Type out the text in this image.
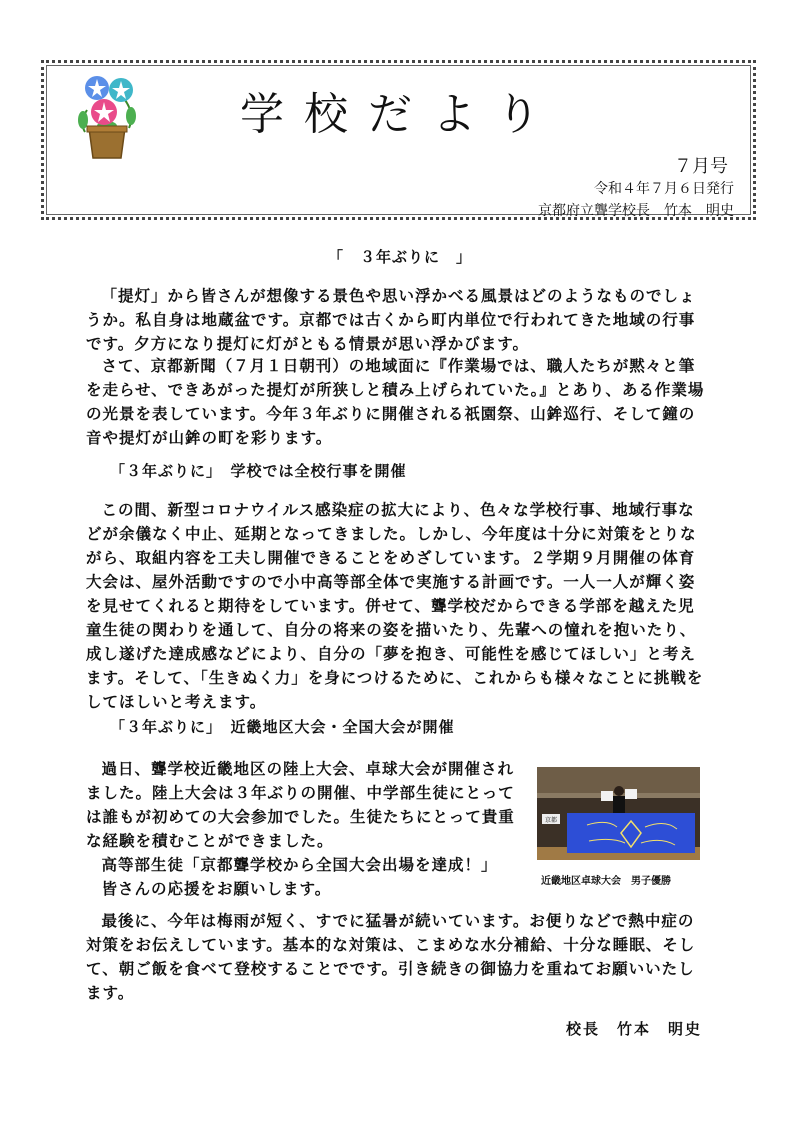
学校だより
７月号
令和４年７月６日発行
京都府立聾学校長　竹本　明史
「　３年ぶりに　」

「提灯」から皆さんが想像する景色や思い浮かべる風景はどのようなものでしょうか。私自身は地蔵盆です。京都では古くから町内単位で行われてきた地域の行事です。夕方になり提灯に灯がともる情景が思い浮かびます。

さて、京都新聞（７月１日朝刊）の地域面に『作業場では、職人たちが黙々と筆を走らせ、できあがった提灯が所狭しと積み上げられていた。』とあり、ある作業場の光景を表しています。今年３年ぶりに開催される祇園祭、山鉾巡行、そして鐘の音や提灯が山鉾の町を彩ります。

「３年ぶりに」　学校では全校行事を開催

この間、新型コロナウイルス感染症の拡大により、色々な学校行事、地域行事などが余儀なく中止、延期となってきました。しかし、今年度は十分に対策をとりながら、取組内容を工夫し開催できることをめざしています。２学期９月開催の体育大会は、屋外活動ですので小中高等部全体で実施する計画です。一人一人が輝く姿を見せてくれると期待をしています。併せて、聾学校だからできる学部を越えた児童生徒の関わりを通して、自分の将来の姿を描いたり、先輩への憧れを抱いたり、成し遂げた達成感などにより、自分の「夢を抱き、可能性を感じてほしい」と考えます。そして、「生きぬく力」を身につけるために、これからも様々なことに挑戦をしてほしいと考えます。

「３年ぶりに」　近畿地区大会・全国大会が開催

過日、聾学校近畿地区の陸上大会、卓球大会が開催されました。陸上大会は３年ぶりの開催、中学部生徒にとっては誰もが初めての大会参加でした。生徒たちにとって貴重な経験を積むことができました。

高等部生徒「京都聾学校から全国大会出場を達成！」

皆さんの応援をお願いします。

京都
近畿地区卓球大会　男子優勝

最後に、今年は梅雨が短く、すでに猛暑が続いています。お便りなどで熱中症の対策をお伝えしています。基本的な対策は、こまめな水分補給、十分な睡眠、そして、朝ご飯を食べて登校することでです。引き続きの御協力を重ねてお願いいたします。

校長　竹本　明史
